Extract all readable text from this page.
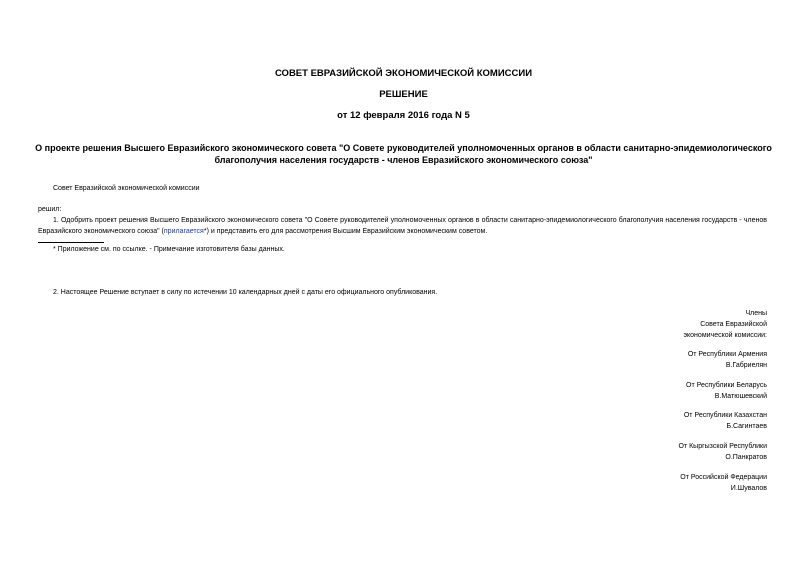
СОВЕТ ЕВРАЗИЙСКОЙ ЭКОНОМИЧЕСКОЙ КОМИССИИ
РЕШЕНИЕ
от 12 февраля 2016 года N 5
О проекте решения Высшего Евразийского экономического совета "О Совете руководителей уполномоченных органов в области санитарно-эпидемиологического
благополучия населения государств - членов Евразийского экономического союза"
Совет Евразийской экономической комиссии
решил:
1. Одобрить проект решения Высшего Евразийского экономического совета "О Совете руководителей уполномоченных органов в области санитарно-эпидемиологического благополучия населения государств - членов Евразийского экономического союза" (прилагается*) и представить его для рассмотрения Высшим Евразийским экономическим советом.
* Приложение см. по ссылке. - Примечание изготовителя базы данных.
2. Настоящее Решение вступает в силу по истечении 10 календарных дней с даты его официального опубликования.
Члены
Совета Евразийской
экономической комиссии:
От Республики Армения
В.Габриелян
От Республики Беларусь
В.Матюшевский
От Республики Казахстан
Б.Сагинтаев
От Кыргызской Республики
О.Панкратов
От Российской Федерации
И.Шувалов
